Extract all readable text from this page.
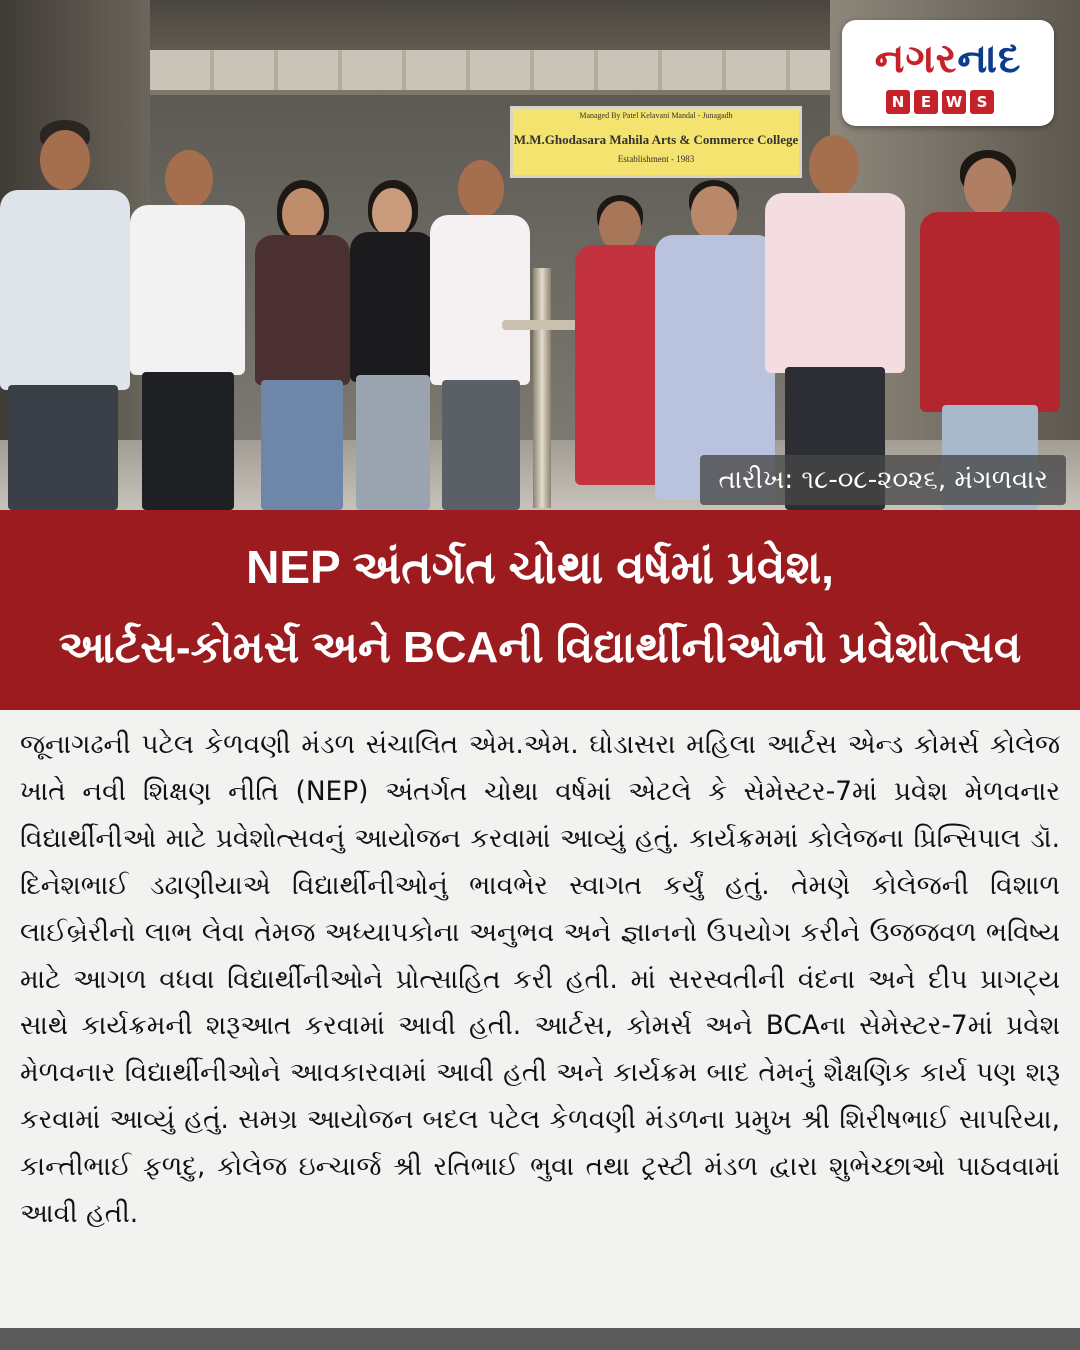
Managed By Patel Kelavani Mandal - Junagadh
M.M.Ghodasara Mahila Arts & Commerce College
Establishment - 1983
નગરનાદ
N	E W S
તારીખ: ૧૮-૦૮-૨૦૨૬, મંગળવાર
NEP અંતર્ગત ચોથા વર્ષમાં પ્રવેશ,
આર્ટસ-કોમર્સ અને BCAની વિદ્યાર્થીનીઓનો પ્રવેશોત્સવ
જૂનાગઢની પટેલ કેળવણી મંડળ સંચાલિત એમ.એમ. ઘોડાસરા મહિલા આર્ટસ એન્ડ કોમર્સ કોલેજ ખાતે નવી શિક્ષણ નીતિ (NEP) અંતર્ગત ચોથા વર્ષમાં એટલે કે સેમેસ્ટર-7માં પ્રવેશ મેળવનાર વિદ્યાર્થીનીઓ માટે પ્રવેશોત્સવનું આયોજન કરવામાં આવ્યું હતું. કાર્યક્રમમાં કોલેજના પ્રિન્સિપાલ ડૉ. દિનેશભાઈ ડઢાણીયાએ વિદ્યાર્થીનીઓનું ભાવભેર સ્વાગત કર્યું હતું. તેમણે કોલેજની વિશાળ લાઈબ્રેરીનો લાભ લેવા તેમજ અધ્યાપકોના અનુભવ અને જ્ઞાનનો ઉપયોગ કરીને ઉજજવળ ભવિષ્ય માટે આગળ વધવા વિદ્યાર્થીનીઓને પ્રોત્સાહિત કરી હતી. માં સરસ્વતીની વંદના અને દીપ પ્રાગટ્ય સાથે કાર્યક્રમની શરૂઆત કરવામાં આવી હતી. આર્ટસ, કોમર્સ અને BCAના સેમેસ્ટર-7માં પ્રવેશ મેળવનાર વિદ્યાર્થીનીઓને આવકારવામાં આવી હતી અને કાર્યક્રમ બાદ તેમનું શૈક્ષણિક કાર્ય પણ શરૂ કરવામાં આવ્યું હતું. સમગ્ર આયોજન બદલ પટેલ કેળવણી મંડળના પ્રમુખ શ્રી શિરીષભાઈ સાપરિયા, કાન્તીભાઈ ફળદુ, કોલેજ ઇન્ચાર્જ શ્રી રતિભાઈ ભુવા તથા ટ્રસ્ટી મંડળ દ્વારા શુભેચ્છાઓ પાઠવવામાં આવી હતી.
